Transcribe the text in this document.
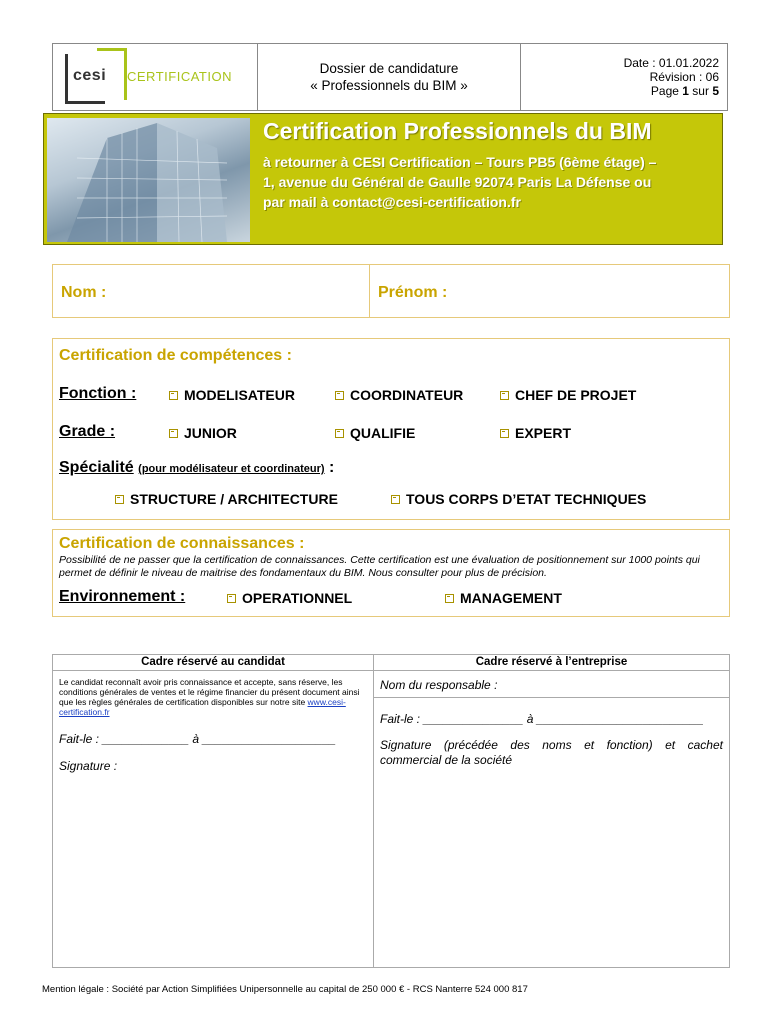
cesi CERTIFICATION
Dossier de candidature
« Professionnels du BIM »
Date : 01.01.2022
Révision : 06
Page 1 sur 5
Certification Professionnels du BIM
à retourner à CESI Certification – Tours PB5 (6ème étage) –
1, avenue du Général de Gaulle 92074 Paris La Défense ou
par mail à contact@cesi-certification.fr
Nom :	Prénom :
Certification de compétences :
Fonction :	MODELISATEUR	COORDINATEUR	CHEF DE PROJET
Grade :	JUNIOR	QUALIFIE	EXPERT
Spécialité (pour modélisateur et coordinateur) :
STRUCTURE / ARCHITECTURE	TOUS CORPS D’ETAT TECHNIQUES
Certification de connaissances :
Possibilité de ne passer que la certification de connaissances. Cette certification est une évaluation de positionnement sur 1000 points qui permet de définir le niveau de maitrise des fondamentaux du BIM. Nous consulter pour plus de précision.
Environnement :	OPERATIONNEL	MANAGEMENT
Cadre réservé au candidat
Le candidat reconnaît avoir pris connaissance et accepte, sans réserve, les conditions générales de ventes et le régime financier du présent document ainsi que les règles générales de certification disponibles sur notre site www.cesi-certification.fr
Fait-le : _____________ à ____________________
Signature :
Cadre réservé à l’entreprise
Nom du responsable :
Fait-le : _______________ à _________________________
Signature (précédée des noms et fonction) et cachet commercial de la société
Mention légale : Société par Action Simplifiées Unipersonnelle au capital de 250 000 € - RCS Nanterre 524 000 817
